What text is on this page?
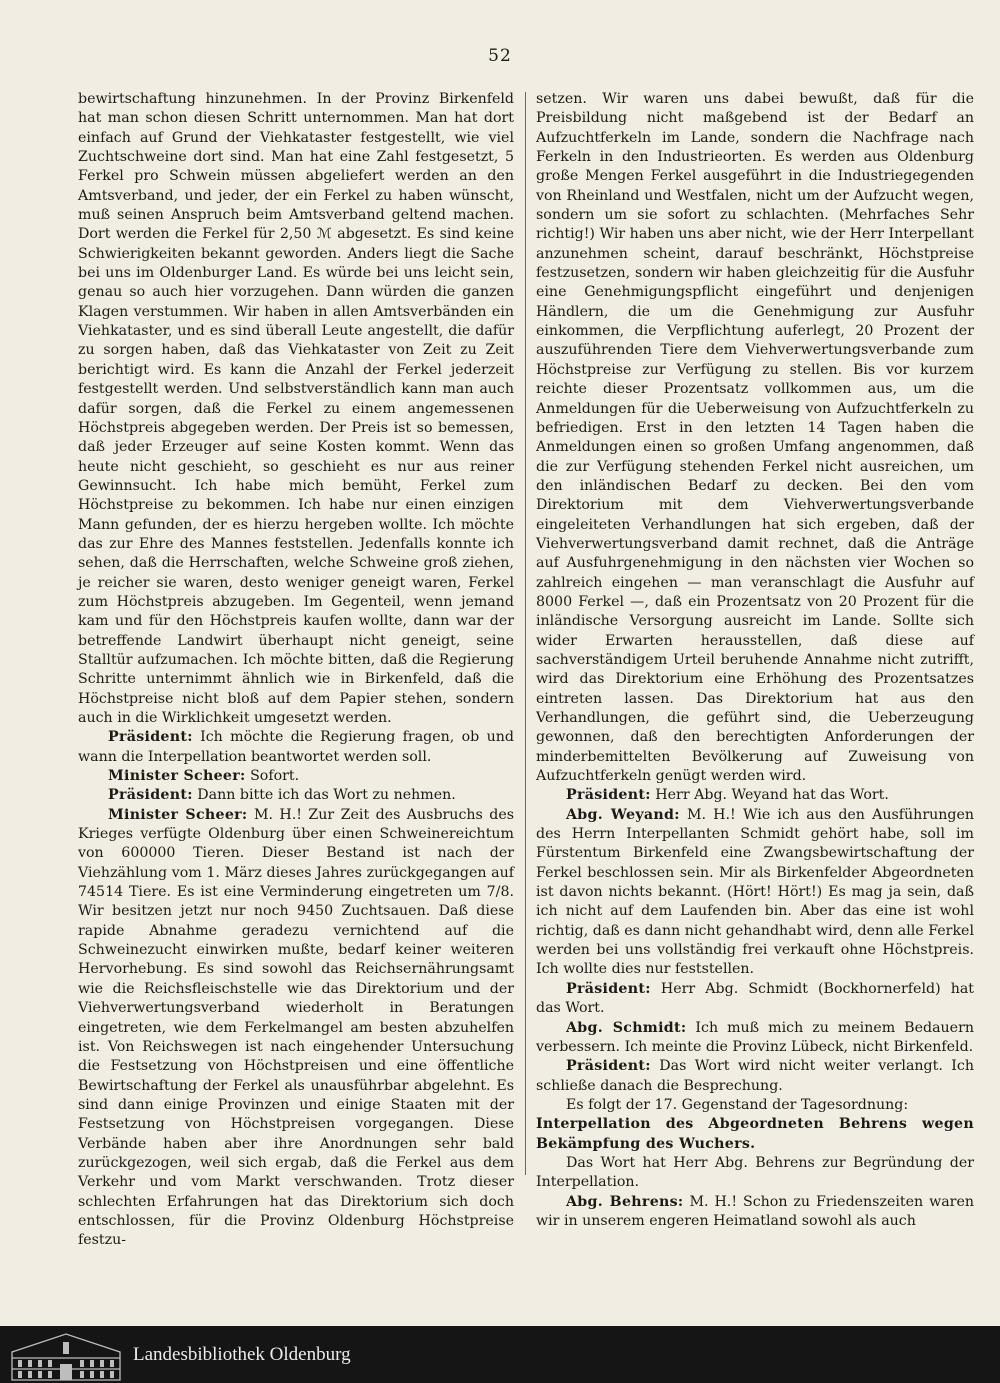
52

bewirtschaftung hinzunehmen. In der Provinz Birkenfeld hat man schon diesen Schritt unternommen. Man hat dort einfach auf Grund der Viehkataster festgestellt, wie viel Zuchtschweine dort sind. Man hat eine Zahl festgesetzt, 5 Ferkel pro Schwein müssen abgeliefert werden an den Amtsverband, und jeder, der ein Ferkel zu haben wünscht, muß seinen Anspruch beim Amtsverband geltend machen. Dort werden die Ferkel für 2,50 ℳ abgesetzt. Es sind keine Schwierigkeiten bekannt geworden. Anders liegt die Sache bei uns im Oldenburger Land. Es würde bei uns leicht sein, genau so auch hier vorzugehen. Dann würden die ganzen Klagen verstummen. Wir haben in allen Amtsverbänden ein Viehkataster, und es sind überall Leute angestellt, die dafür zu sorgen haben, daß das Viehkataster von Zeit zu Zeit berichtigt wird. Es kann die Anzahl der Ferkel jederzeit festgestellt werden. Und selbstverständlich kann man auch dafür sorgen, daß die Ferkel zu einem angemessenen Höchstpreis abgegeben werden. Der Preis ist so bemessen, daß jeder Erzeuger auf seine Kosten kommt. Wenn das heute nicht geschieht, so geschieht es nur aus reiner Gewinnsucht. Ich habe mich bemüht, Ferkel zum Höchstpreise zu bekommen. Ich habe nur einen einzigen Mann gefunden, der es hierzu hergeben wollte. Ich möchte das zur Ehre des Mannes feststellen. Jedenfalls konnte ich sehen, daß die Herrschaften, welche Schweine groß ziehen, je reicher sie waren, desto weniger geneigt waren, Ferkel zum Höchstpreis abzugeben. Im Gegenteil, wenn jemand kam und für den Höchstpreis kaufen wollte, dann war der betreffende Landwirt überhaupt nicht geneigt, seine Stalltür aufzumachen. Ich möchte bitten, daß die Regierung Schritte unternimmt ähnlich wie in Birkenfeld, daß die Höchstpreise nicht bloß auf dem Papier stehen, sondern auch in die Wirklichkeit umgesetzt werden.

Präsident: Ich möchte die Regierung fragen, ob und wann die Interpellation beantwortet werden soll.

Minister Scheer: Sofort.

Präsident: Dann bitte ich das Wort zu nehmen.

Minister Scheer: M. H.! Zur Zeit des Ausbruchs des Krieges verfügte Oldenburg über einen Schweinereichtum von 600000 Tieren. Dieser Bestand ist nach der Viehzählung vom 1. März dieses Jahres zurückgegangen auf 74514 Tiere. Es ist eine Verminderung eingetreten um 7/8. Wir besitzen jetzt nur noch 9450 Zuchtsauen. Daß diese rapide Abnahme geradezu vernichtend auf die Schweinezucht einwirken mußte, bedarf keiner weiteren Hervorhebung. Es sind sowohl das Reichsernährungsamt wie die Reichsfleischstelle wie das Direktorium und der Viehverwertungsverband wiederholt in Beratungen eingetreten, wie dem Ferkelmangel am besten abzuhelfen ist. Von Reichswegen ist nach eingehender Untersuchung die Festsetzung von Höchstpreisen und eine öffentliche Bewirtschaftung der Ferkel als unausführbar abgelehnt. Es sind dann einige Provinzen und einige Staaten mit der Festsetzung von Höchstpreisen vorgegangen. Diese Verbände haben aber ihre Anordnungen sehr bald zurückgezogen, weil sich ergab, daß die Ferkel aus dem Verkehr und vom Markt verschwanden. Trotz dieser schlechten Erfahrungen hat das Direktorium sich doch entschlossen, für die Provinz Oldenburg Höchstpreise festzu-

setzen. Wir waren uns dabei bewußt, daß für die Preisbildung nicht maßgebend ist der Bedarf an Aufzuchtferkeln im Lande, sondern die Nachfrage nach Ferkeln in den Industrieorten. Es werden aus Oldenburg große Mengen Ferkel ausgeführt in die Industriegegenden von Rheinland und Westfalen, nicht um der Aufzucht wegen, sondern um sie sofort zu schlachten. (Mehrfaches Sehr richtig!) Wir haben uns aber nicht, wie der Herr Interpellant anzunehmen scheint, darauf beschränkt, Höchstpreise festzusetzen, sondern wir haben gleichzeitig für die Ausfuhr eine Genehmigungspflicht eingeführt und denjenigen Händlern, die um die Genehmigung zur Ausfuhr einkommen, die Verpflichtung auferlegt, 20 Prozent der auszuführenden Tiere dem Viehverwertungsverbande zum Höchstpreise zur Verfügung zu stellen. Bis vor kurzem reichte dieser Prozentsatz vollkommen aus, um die Anmeldungen für die Ueberweisung von Aufzuchtferkeln zu befriedigen. Erst in den letzten 14 Tagen haben die Anmeldungen einen so großen Umfang angenommen, daß die zur Verfügung stehenden Ferkel nicht ausreichen, um den inländischen Bedarf zu decken. Bei den vom Direktorium mit dem Viehverwertungsverbande eingeleiteten Verhandlungen hat sich ergeben, daß der Viehverwertungsverband damit rechnet, daß die Anträge auf Ausfuhrgenehmigung in den nächsten vier Wochen so zahlreich eingehen — man veranschlagt die Ausfuhr auf 8000 Ferkel —, daß ein Prozentsatz von 20 Prozent für die inländische Versorgung ausreicht im Lande. Sollte sich wider Erwarten herausstellen, daß diese auf sachverständigem Urteil beruhende Annahme nicht zutrifft, wird das Direktorium eine Erhöhung des Prozentsatzes eintreten lassen. Das Direktorium hat aus den Verhandlungen, die geführt sind, die Ueberzeugung gewonnen, daß den berechtigten Anforderungen der minderbemittelten Bevölkerung auf Zuweisung von Aufzuchtferkeln genügt werden wird.

Präsident: Herr Abg. Weyand hat das Wort.

Abg. Weyand: M. H.! Wie ich aus den Ausführungen des Herrn Interpellanten Schmidt gehört habe, soll im Fürstentum Birkenfeld eine Zwangsbewirtschaftung der Ferkel beschlossen sein. Mir als Birkenfelder Abgeordneten ist davon nichts bekannt. (Hört! Hört!) Es mag ja sein, daß ich nicht auf dem Laufenden bin. Aber das eine ist wohl richtig, daß es dann nicht gehandhabt wird, denn alle Ferkel werden bei uns vollständig frei verkauft ohne Höchstpreis. Ich wollte dies nur feststellen.

Präsident: Herr Abg. Schmidt (Bockhornerfeld) hat das Wort.

Abg. Schmidt: Ich muß mich zu meinem Bedauern verbessern. Ich meinte die Provinz Lübeck, nicht Birkenfeld.

Präsident: Das Wort wird nicht weiter verlangt. Ich schließe danach die Besprechung.

Es folgt der 17. Gegenstand der Tagesordnung:

Interpellation des Abgeordneten Behrens wegen Bekämpfung des Wuchers.

Das Wort hat Herr Abg. Behrens zur Begründung der Interpellation.

Abg. Behrens: M. H.! Schon zu Friedenszeiten waren wir in unserem engeren Heimatland sowohl als auch

Landesbibliothek Oldenburg
